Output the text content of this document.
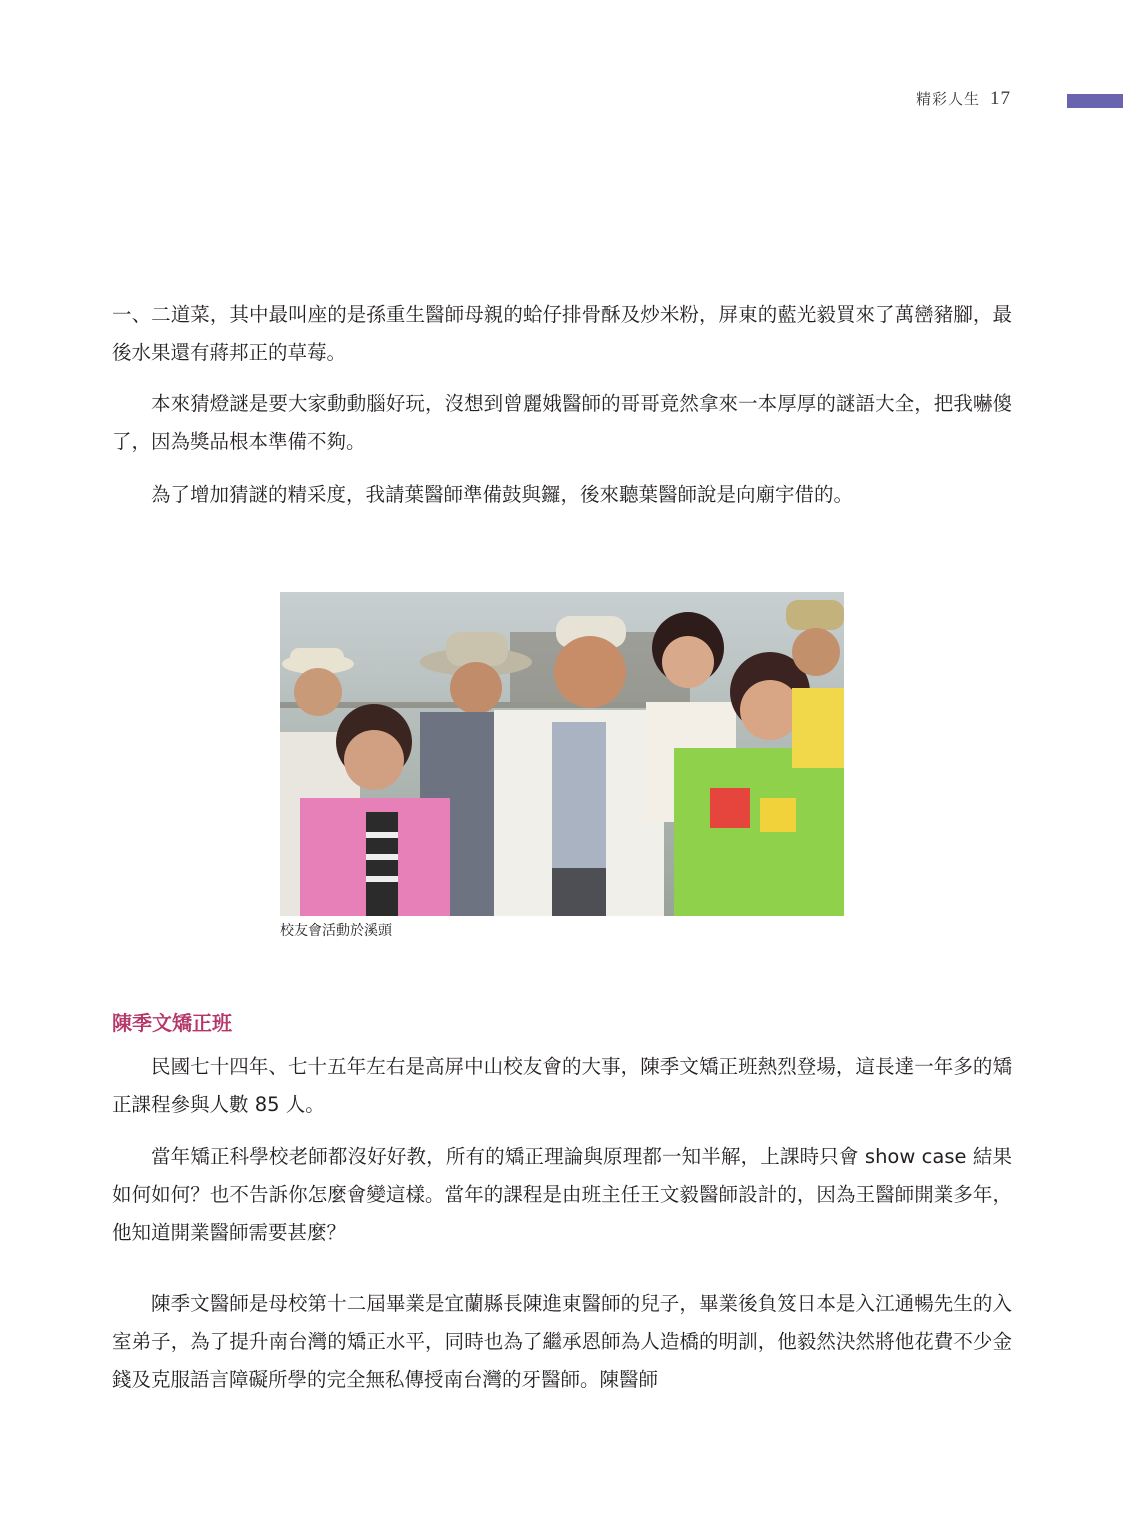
精彩人生 17

一、二道菜，其中最叫座的是孫重生醫師母親的蛤仔排骨酥及炒米粉，屏東的藍光毅買來了萬巒豬腳，最後水果還有蔣邦正的草莓。

本來猜燈謎是要大家動動腦好玩，沒想到曾麗娥醫師的哥哥竟然拿來一本厚厚的謎語大全，把我嚇傻了，因為獎品根本準備不夠。

為了增加猜謎的精采度，我請葉醫師準備鼓與鑼，後來聽葉醫師說是向廟宇借的。

校友會活動於溪頭
陳季文矯正班

民國七十四年、七十五年左右是高屏中山校友會的大事，陳季文矯正班熱烈登場，這長達一年多的矯正課程參與人數 85 人。

當年矯正科學校老師都沒好好教，所有的矯正理論與原理都一知半解，上課時只會 show case 結果如何如何？也不告訴你怎麼會變這樣。當年的課程是由班主任王文毅醫師設計的，因為王醫師開業多年，他知道開業醫師需要甚麼？

陳季文醫師是母校第十二屆畢業是宜蘭縣長陳進東醫師的兒子，畢業後負笈日本是入江通暢先生的入室弟子，為了提升南台灣的矯正水平，同時也為了繼承恩師為人造橋的明訓，他毅然決然將他花費不少金錢及克服語言障礙所學的完全無私傳授南台灣的牙醫師。陳醫師
